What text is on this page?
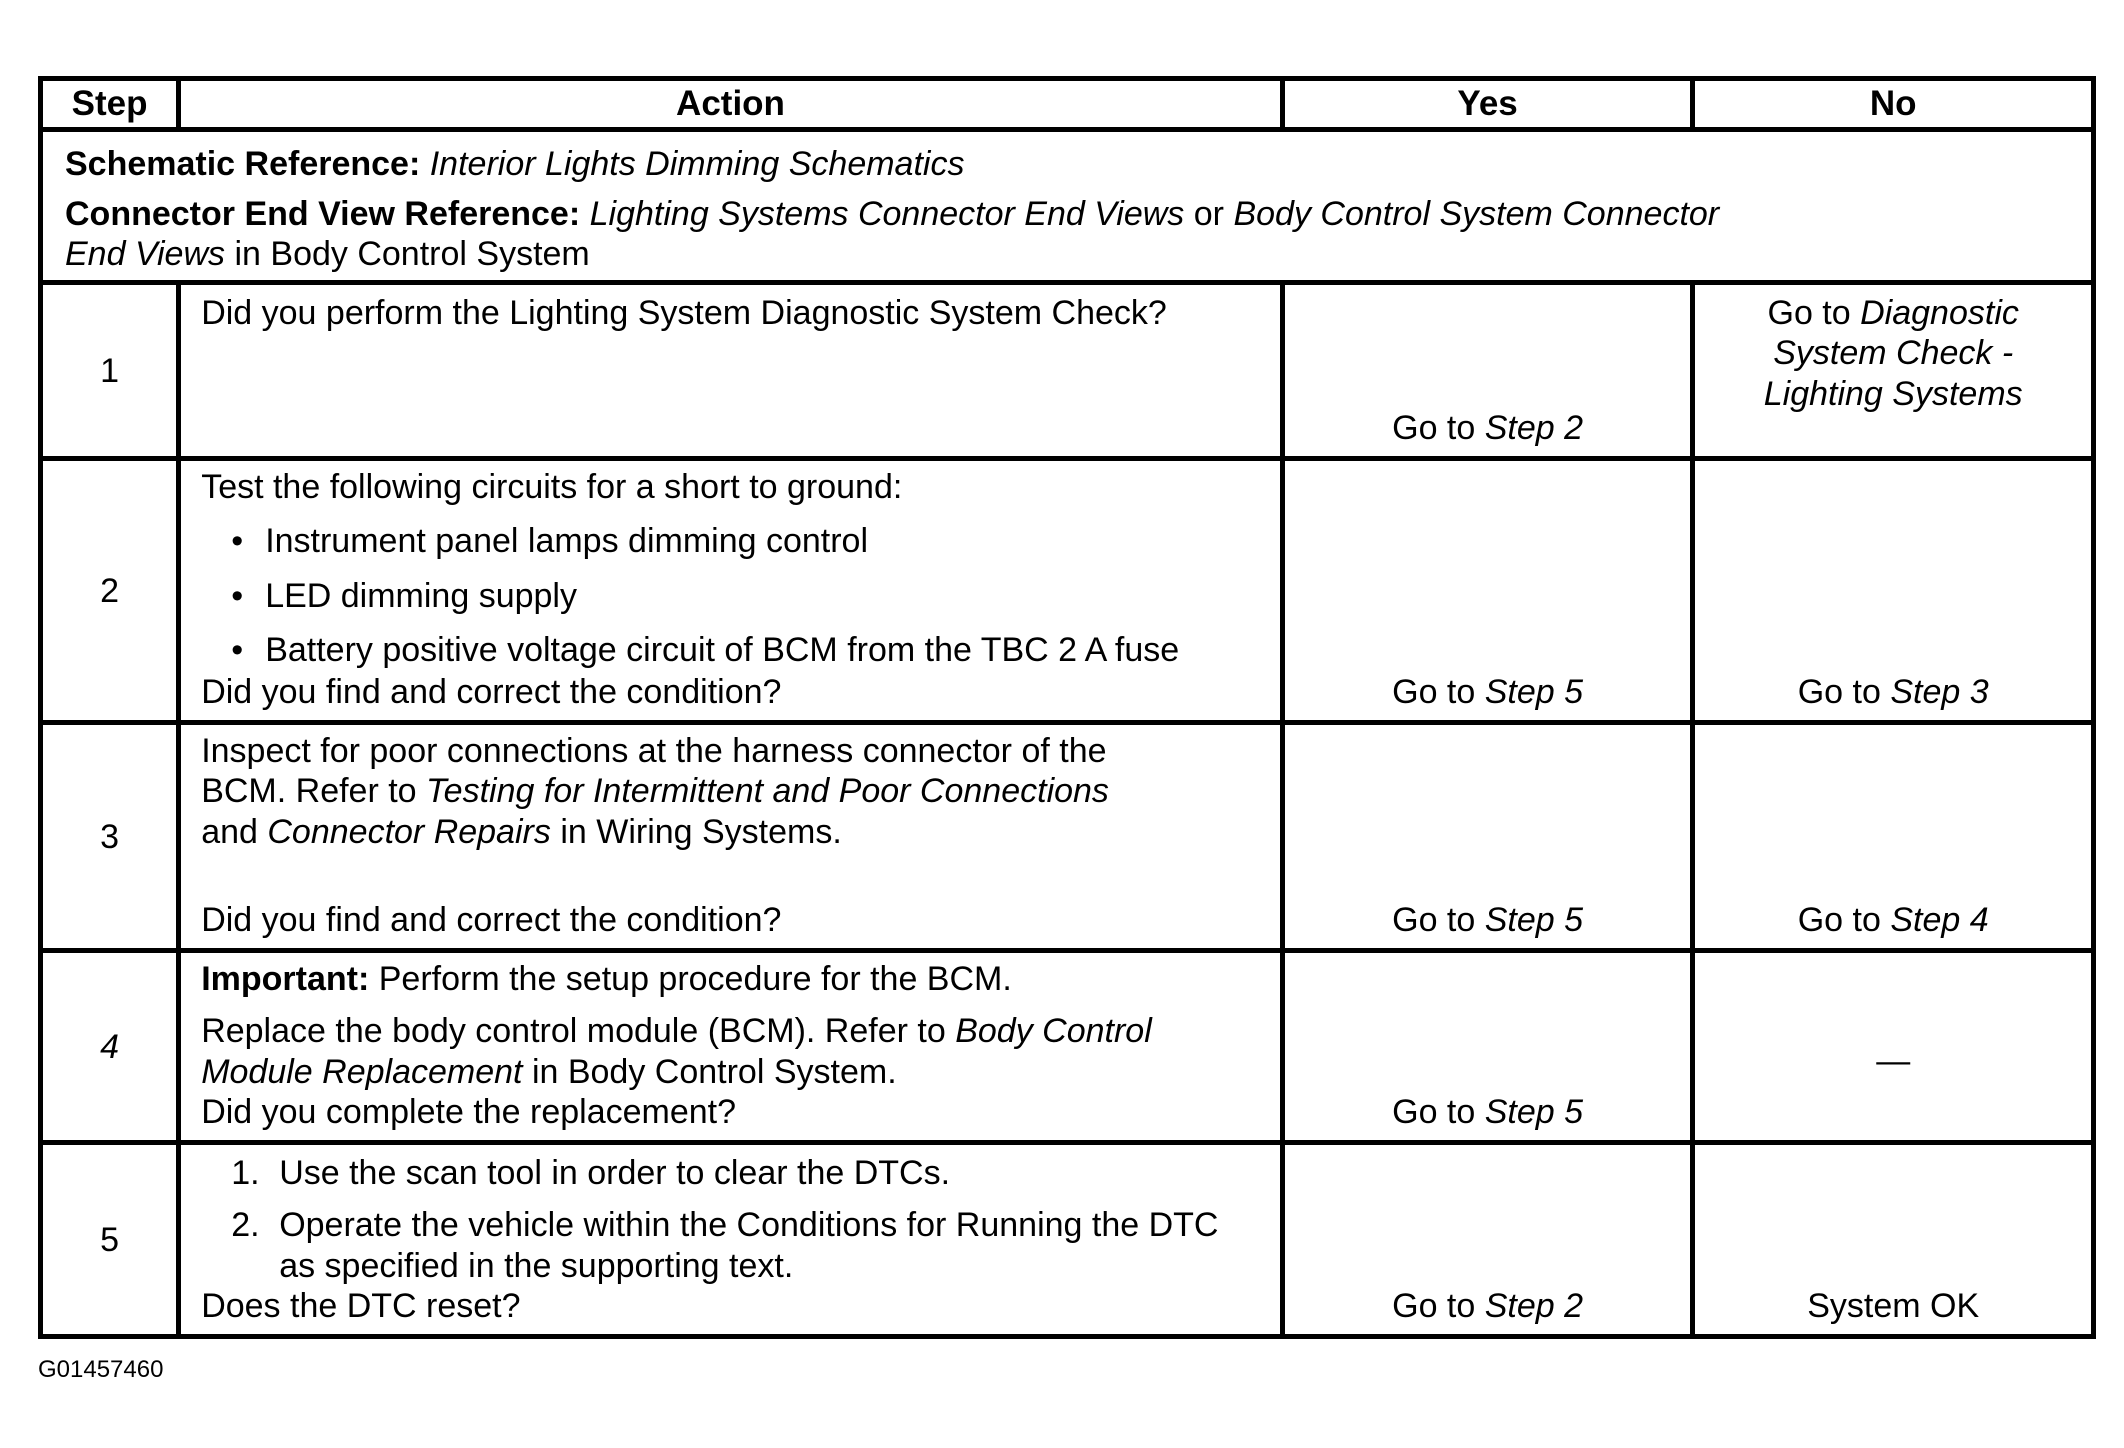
Step	Action	Yes	No

Schematic Reference: Interior Lights Dimming Schematics
Connector End View Reference: Lighting Systems Connector End Views or Body Control System Connector
End Views in Body Control System			

1	Did you perform the Lighting System Diagnostic System Check?	Go to Step 2	Go to Diagnostic
System Check -
Lighting Systems

2	Test the following circuits for a short to ground:
• Instrument panel lamps dimming control
• LED dimming supply
• Battery positive voltage circuit of BCM from the TBC 2 A fuse
Did you find and correct the condition?	Go to Step 5	Go to Step 3

3	Inspect for poor connections at the harness connector of the
BCM. Refer to Testing for Intermittent and Poor Connections
and Connector Repairs in Wiring Systems.
Did you find and correct the condition?	Go to Step 5	Go to Step 4

4	Important: Perform the setup procedure for the BCM.
Replace the body control module (BCM). Refer to Body Control
Module Replacement in Body Control System.
Did you complete the replacement?	Go to Step 5	—

5	1. Use the scan tool in order to clear the DTCs.
2. Operate the vehicle within the Conditions for Running the DTC as specified in the supporting text.
Does the DTC reset?	Go to Step 2	System OK
G01457460
